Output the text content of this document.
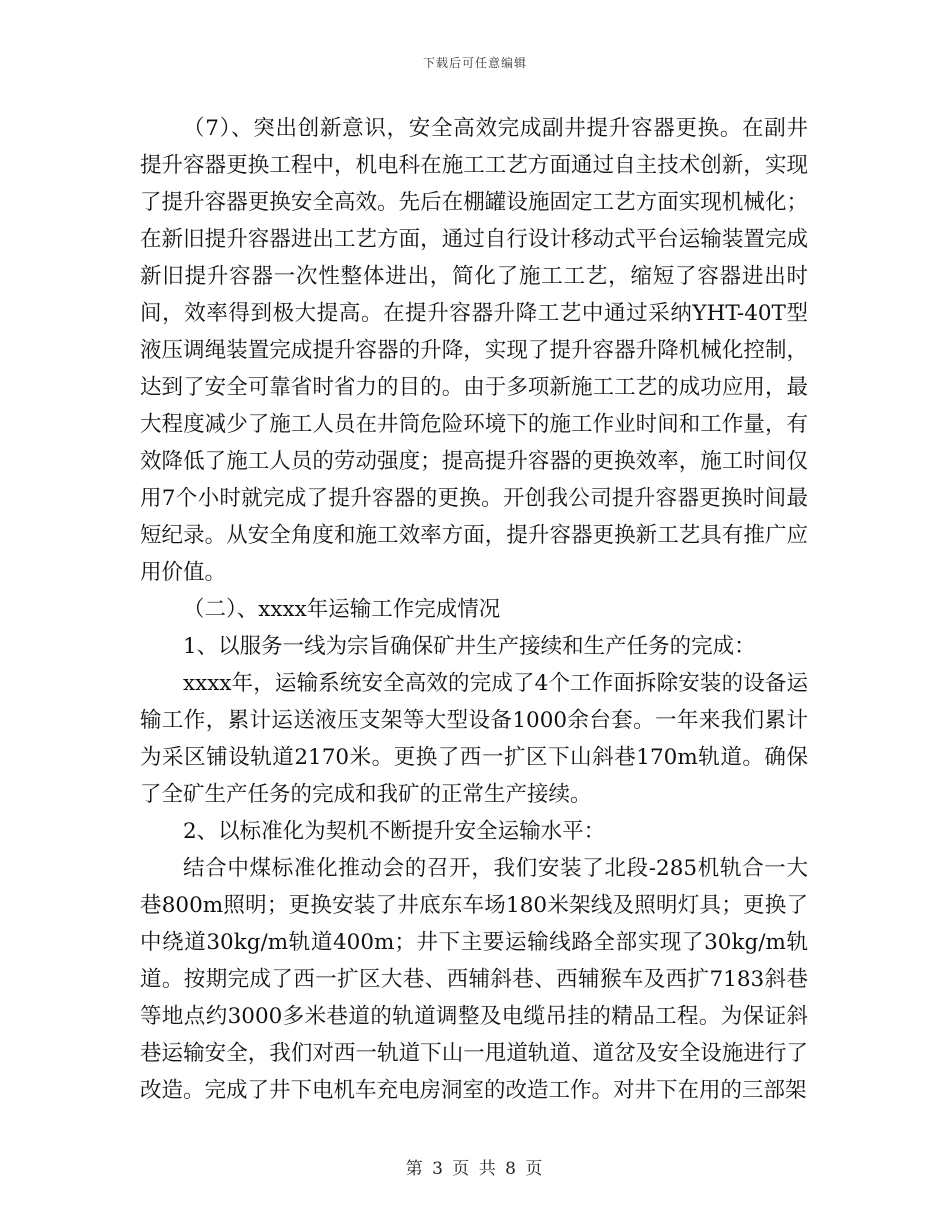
下载后可任意编辑

（7）、突出创新意识，安全高效完成副井提升容器更换。在副井提升容器更换工程中，机电科在施工工艺方面通过自主技术创新，实现了提升容器更换安全高效。先后在棚罐设施固定工艺方面实现机械化；在新旧提升容器进出工艺方面，通过自行设计移动式平台运输装置完成新旧提升容器一次性整体进出，简化了施工工艺，缩短了容器进出时间，效率得到极大提高。在提升容器升降工艺中通过采纳YHT-40T型液压调绳装置完成提升容器的升降，实现了提升容器升降机械化控制，达到了安全可靠省时省力的目的。由于多项新施工工艺的成功应用，最大程度减少了施工人员在井筒危险环境下的施工作业时间和工作量，有效降低了施工人员的劳动强度；提高提升容器的更换效率，施工时间仅用7个小时就完成了提升容器的更换。开创我公司提升容器更换时间最短纪录。从安全角度和施工效率方面，提升容器更换新工艺具有推广应用价值。

（二）、xxxx年运输工作完成情况

1、以服务一线为宗旨确保矿井生产接续和生产任务的完成：

xxxx年，运输系统安全高效的完成了4个工作面拆除安装的设备运输工作，累计运送液压支架等大型设备1000余台套。一年来我们累计为采区铺设轨道2170米。更换了西一扩区下山斜巷170m轨道。确保了全矿生产任务的完成和我矿的正常生产接续。

2、以标准化为契机不断提升安全运输水平：

结合中煤标准化推动会的召开，我们安装了北段-285机轨合一大巷800m照明；更换安装了井底东车场180米架线及照明灯具；更换了中绕道30kg/m轨道400m；井下主要运输线路全部实现了30kg/m轨道。按期完成了西一扩区大巷、西辅斜巷、西辅猴车及西扩7183斜巷等地点约3000多米巷道的轨道调整及电缆吊挂的精品工程。为保证斜巷运输安全，我们对西一轨道下山一甩道轨道、道岔及安全设施进行了改造。完成了井下电机车充电房洞室的改造工作。对井下在用的三部架

第 3 页 共 8 页
